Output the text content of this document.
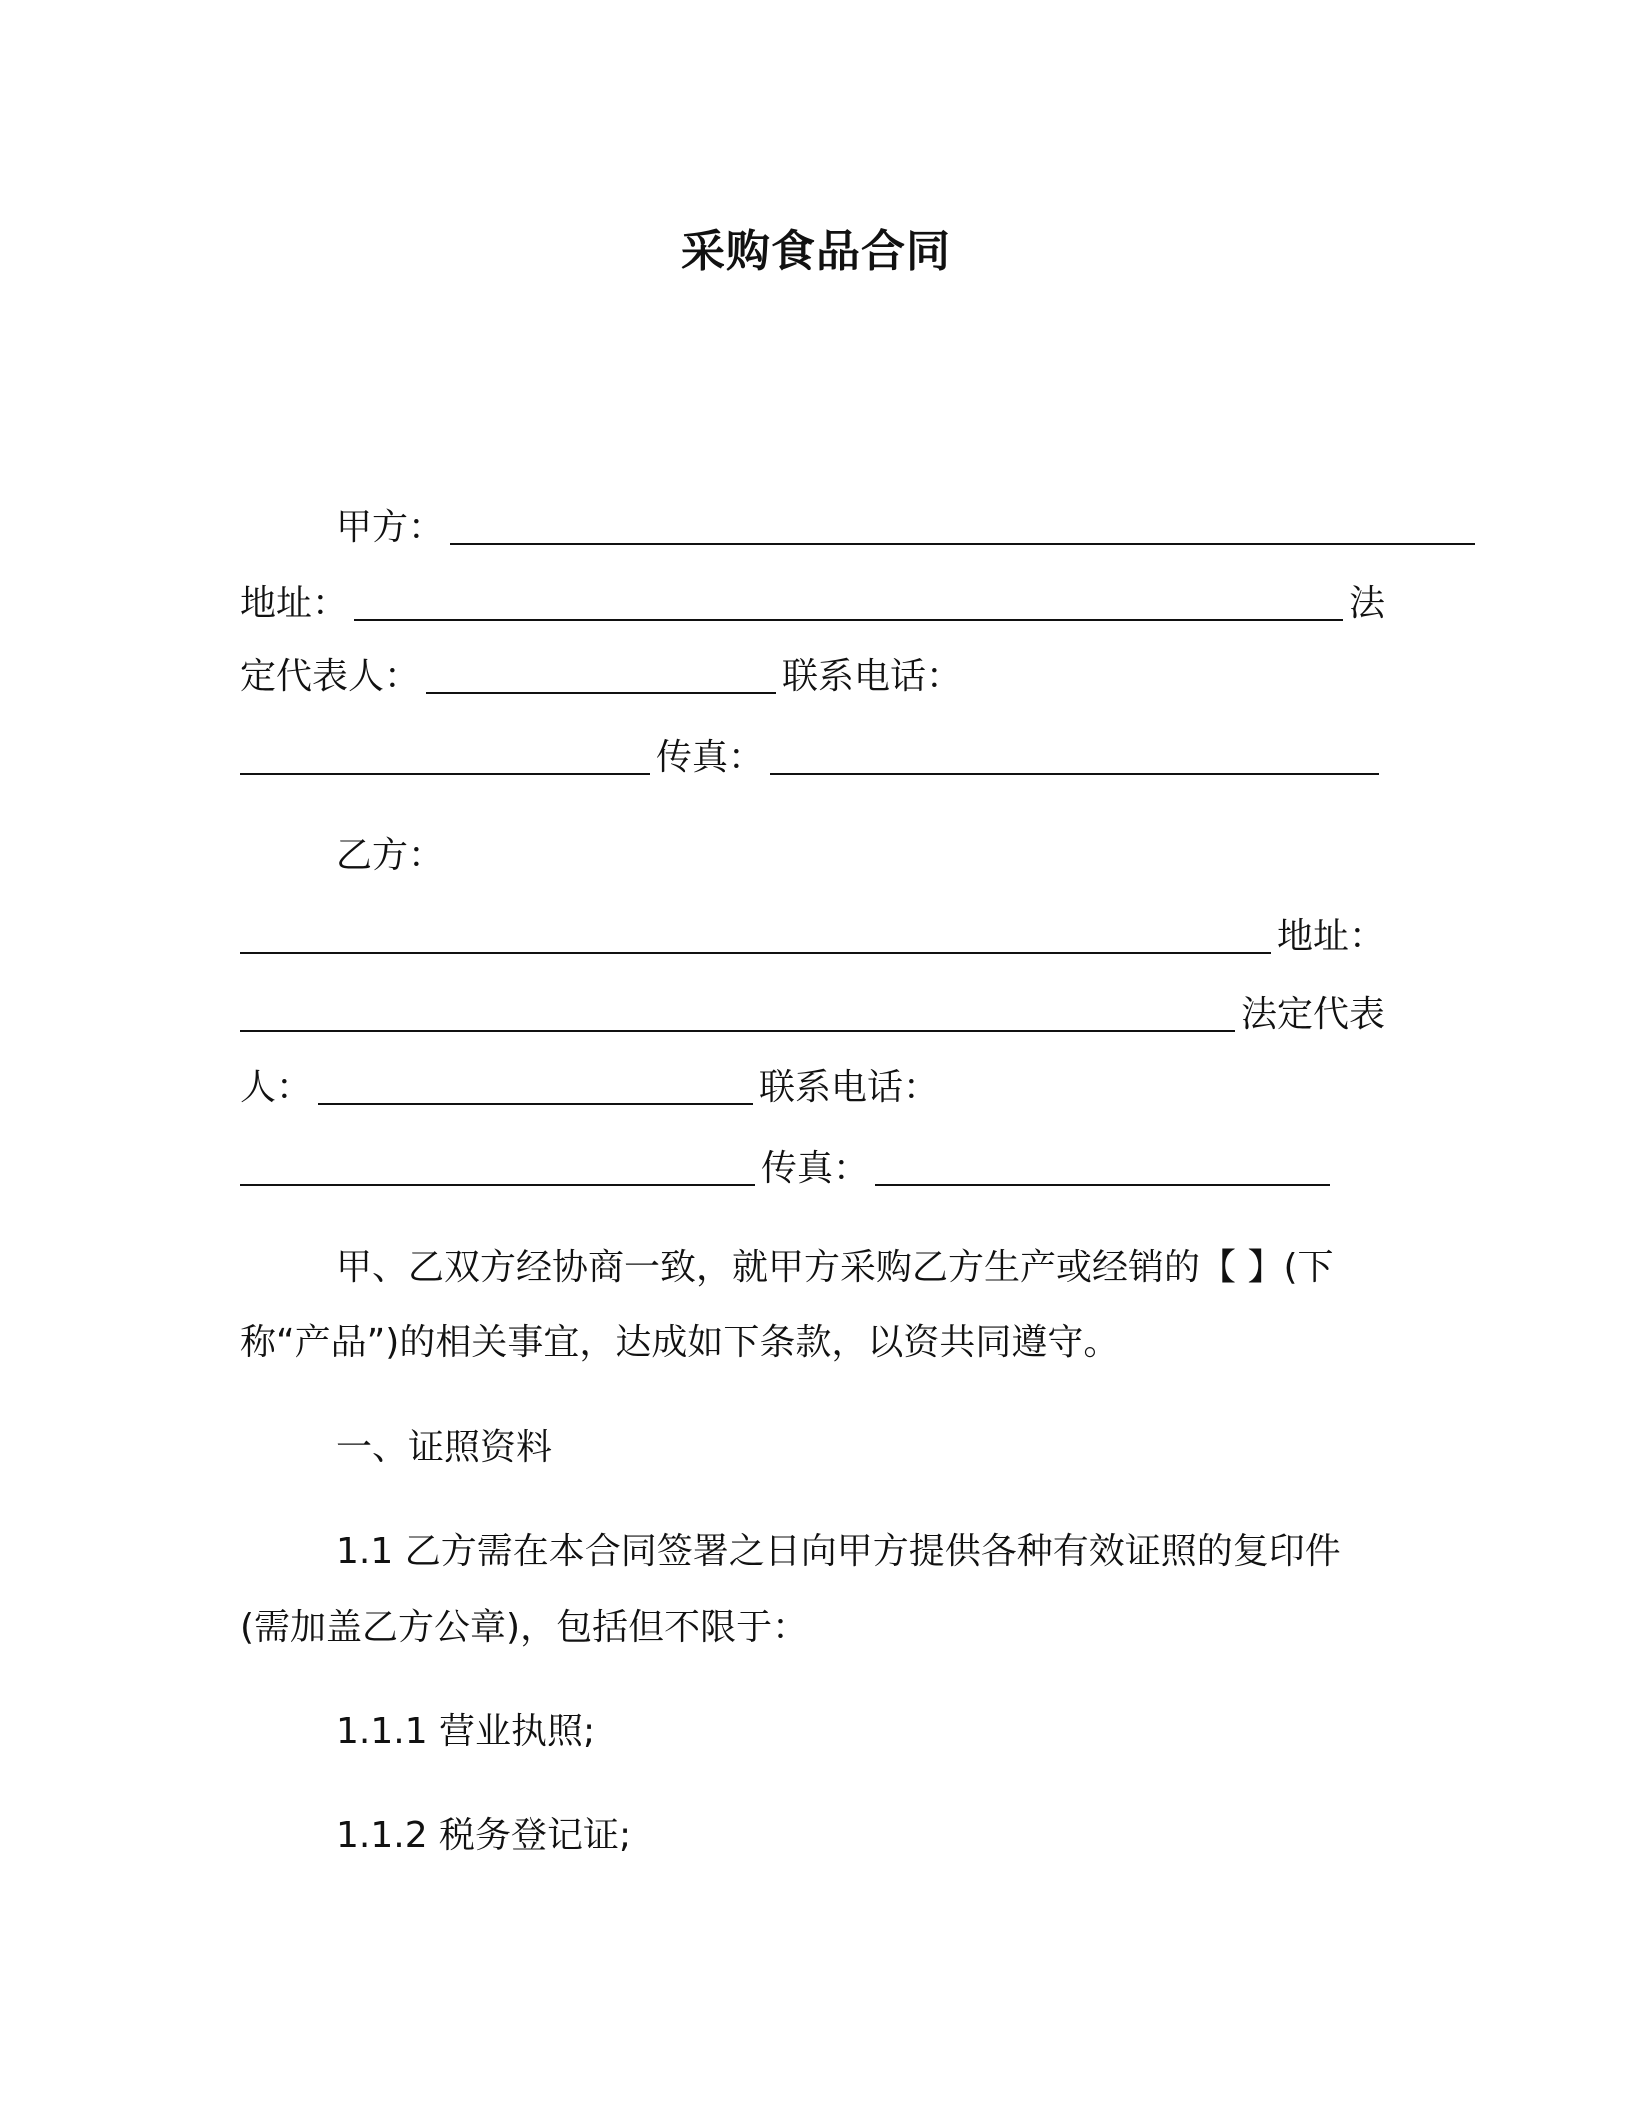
采购食品合同
甲方：
地址：	法
定代表人：	联系电话：
传真：
乙方：
地址：
法定代表
人：	联系电话：
传真：
甲、乙双方经协商一致，就甲方采购乙方生产或经销的【 】(下
称“产品”)的相关事宜，达成如下条款，以资共同遵守。
一、证照资料
1.1 乙方需在本合同签署之日向甲方提供各种有效证照的复印件
(需加盖乙方公章)，包括但不限于：
1.1.1 营业执照;
1.1.2 税务登记证;
